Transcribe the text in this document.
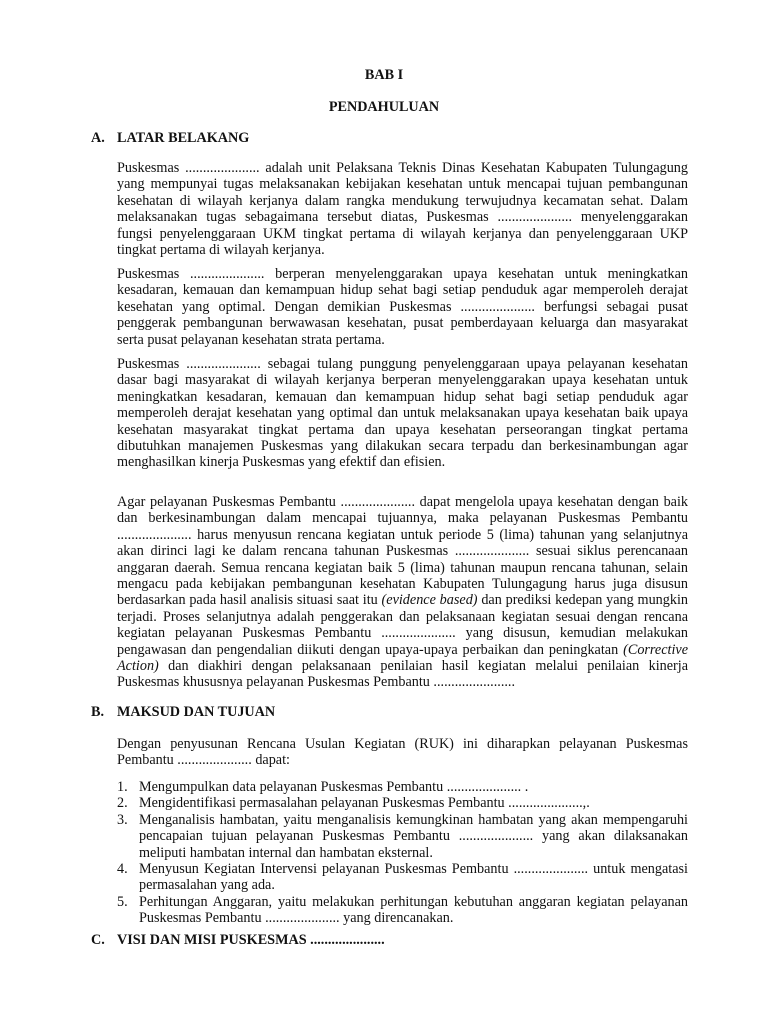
BAB I
PENDAHULUAN
A. LATAR BELAKANG

Puskesmas ..................... adalah unit Pelaksana Teknis Dinas Kesehatan Kabupaten Tulungagung yang mempunyai tugas melaksanakan kebijakan kesehatan untuk mencapai tujuan pembangunan kesehatan di wilayah kerjanya dalam rangka mendukung terwujudnya kecamatan sehat. Dalam melaksanakan tugas sebagaimana tersebut diatas, Puskesmas ..................... menyelenggarakan fungsi penyelenggaraan UKM tingkat pertama di wilayah kerjanya dan penyelenggaraan UKP tingkat pertama di wilayah kerjanya.

Puskesmas ..................... berperan menyelenggarakan upaya kesehatan untuk meningkatkan kesadaran, kemauan dan kemampuan hidup sehat bagi setiap penduduk agar memperoleh derajat kesehatan yang optimal. Dengan demikian Puskesmas ..................... berfungsi sebagai pusat penggerak pembangunan berwawasan kesehatan, pusat pemberdayaan keluarga dan masyarakat serta pusat pelayanan kesehatan strata pertama.

Puskesmas ..................... sebagai tulang punggung penyelenggaraan upaya pelayanan kesehatan dasar bagi masyarakat di wilayah kerjanya berperan menyelenggarakan upaya kesehatan untuk meningkatkan kesadaran, kemauan dan kemampuan hidup sehat bagi setiap penduduk agar memperoleh derajat kesehatan yang optimal dan untuk melaksanakan upaya kesehatan baik upaya kesehatan masyarakat tingkat pertama dan upaya kesehatan perseorangan tingkat pertama dibutuhkan manajemen Puskesmas yang dilakukan secara terpadu dan berkesinambungan agar menghasilkan kinerja Puskesmas yang efektif dan efisien.

Agar pelayanan Puskesmas Pembantu ..................... dapat mengelola upaya kesehatan dengan baik dan berkesinambungan dalam mencapai tujuannya, maka pelayanan Puskesmas Pembantu ..................... harus menyusun rencana kegiatan untuk periode 5 (lima) tahunan yang selanjutnya akan dirinci lagi ke dalam rencana tahunan Puskesmas ..................... sesuai siklus perencanaan anggaran daerah. Semua rencana kegiatan baik 5 (lima) tahunan maupun rencana tahunan, selain mengacu pada kebijakan pembangunan kesehatan Kabupaten Tulungagung harus juga disusun berdasarkan pada hasil analisis situasi saat itu (evidence based) dan prediksi kedepan yang mungkin terjadi. Proses selanjutnya adalah penggerakan dan pelaksanaan kegiatan sesuai dengan rencana kegiatan pelayanan Puskesmas Pembantu ..................... yang disusun, kemudian melakukan pengawasan dan pengendalian diikuti dengan upaya-upaya perbaikan dan peningkatan (Corrective Action) dan diakhiri dengan pelaksanaan penilaian hasil kegiatan melalui penilaian kinerja Puskesmas khususnya pelayanan Puskesmas Pembantu .......................

B. MAKSUD DAN TUJUAN

Dengan penyusunan Rencana Usulan Kegiatan (RUK) ini diharapkan pelayanan Puskesmas Pembantu ..................... dapat:

1. Mengumpulkan data pelayanan Puskesmas Pembantu ..................... .
2. Mengidentifikasi permasalahan pelayanan Puskesmas Pembantu .....................,.
3. Menganalisis hambatan, yaitu menganalisis kemungkinan hambatan yang akan mempengaruhi pencapaian tujuan pelayanan Puskesmas Pembantu ..................... yang akan dilaksanakan meliputi hambatan internal dan hambatan eksternal.
4. Menyusun Kegiatan Intervensi pelayanan Puskesmas Pembantu ..................... untuk mengatasi permasalahan yang ada.
5. Perhitungan Anggaran, yaitu melakukan perhitungan kebutuhan anggaran kegiatan pelayanan Puskesmas Pembantu ..................... yang direncanakan.
C. VISI DAN MISI PUSKESMAS .....................
